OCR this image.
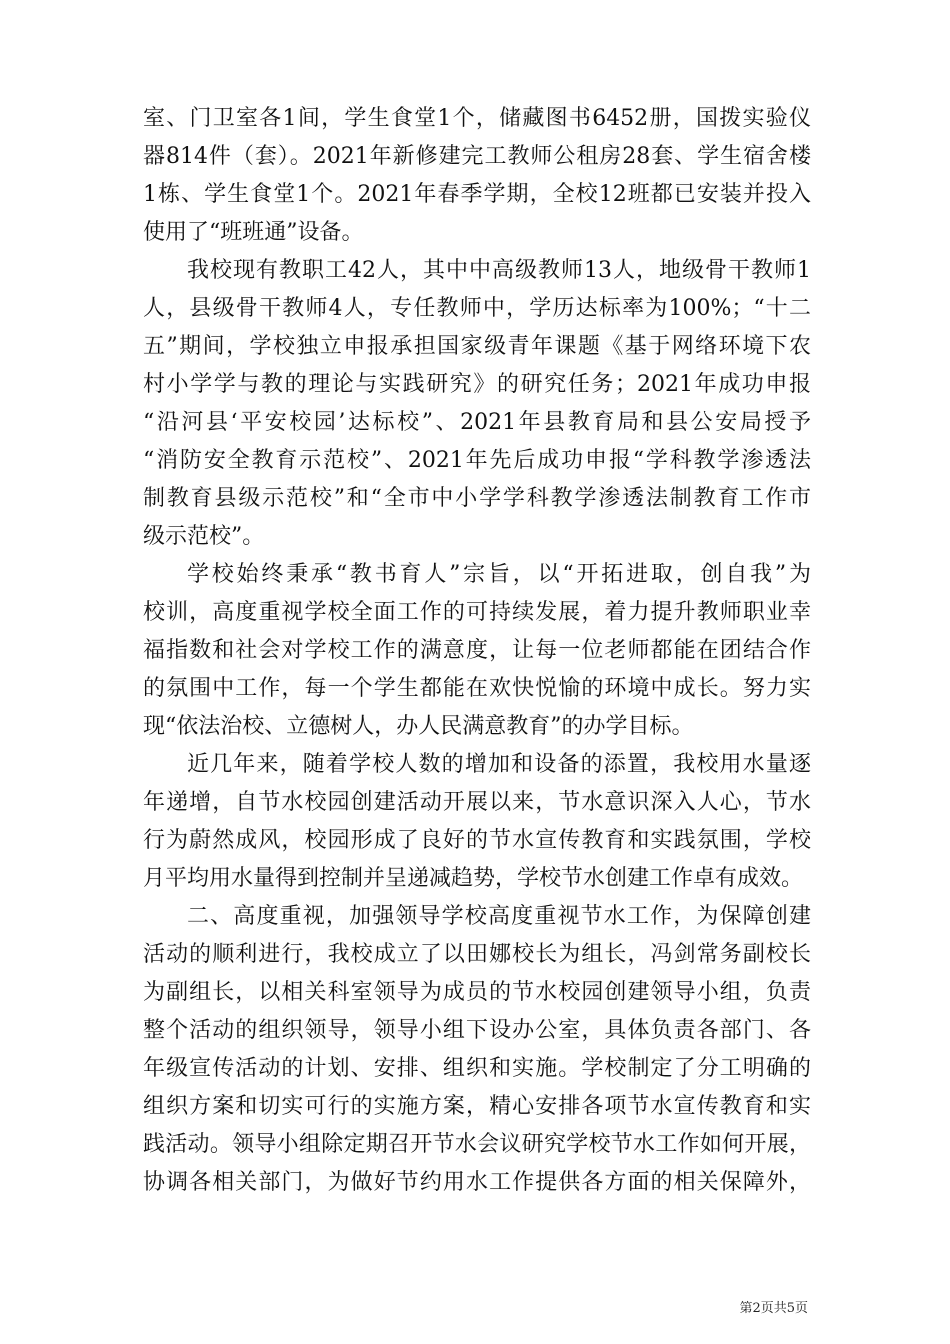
室、门卫室各1间，学生食堂1个，储藏图书6452册，国拨实验仪
器814件（套）。2021年新修建完工教师公租房28套、学生宿舍楼
1栋、学生食堂1个。2021年春季学期，全校12班都已安装并投入
使用了“班班通”设备。
我校现有教职工42人，其中中高级教师13人，地级骨干教师1
人，县级骨干教师4人，专任教师中，学历达标率为100%；“十二
五”期间，学校独立申报承担国家级青年课题《基于网络环境下农
村小学学与教的理论与实践研究》的研究任务；2021年成功申报
“沿河县‘平安校园’达标校”、2021年县教育局和县公安局授予
“消防安全教育示范校”、2021年先后成功申报“学科教学渗透法
制教育县级示范校”和“全市中小学学科教学渗透法制教育工作市
级示范校”。
学校始终秉承“教书育人”宗旨，以“开拓进取，创自我”为
校训，高度重视学校全面工作的可持续发展，着力提升教师职业幸
福指数和社会对学校工作的满意度，让每一位老师都能在团结合作
的氛围中工作，每一个学生都能在欢快悦愉的环境中成长。努力实
现“依法治校、立德树人，办人民满意教育”的办学目标。
近几年来，随着学校人数的增加和设备的添置，我校用水量逐
年递增，自节水校园创建活动开展以来，节水意识深入人心，节水
行为蔚然成风，校园形成了良好的节水宣传教育和实践氛围，学校
月平均用水量得到控制并呈递减趋势，学校节水创建工作卓有成效。
二、高度重视，加强领导学校高度重视节水工作，为保障创建
活动的顺利进行，我校成立了以田娜校长为组长，冯剑常务副校长
为副组长，以相关科室领导为成员的节水校园创建领导小组，负责
整个活动的组织领导，领导小组下设办公室，具体负责各部门、各
年级宣传活动的计划、安排、组织和实施。学校制定了分工明确的
组织方案和切实可行的实施方案，精心安排各项节水宣传教育和实
践活动。领导小组除定期召开节水会议研究学校节水工作如何开展，
协调各相关部门，为做好节约用水工作提供各方面的相关保障外，
第2页共5页
